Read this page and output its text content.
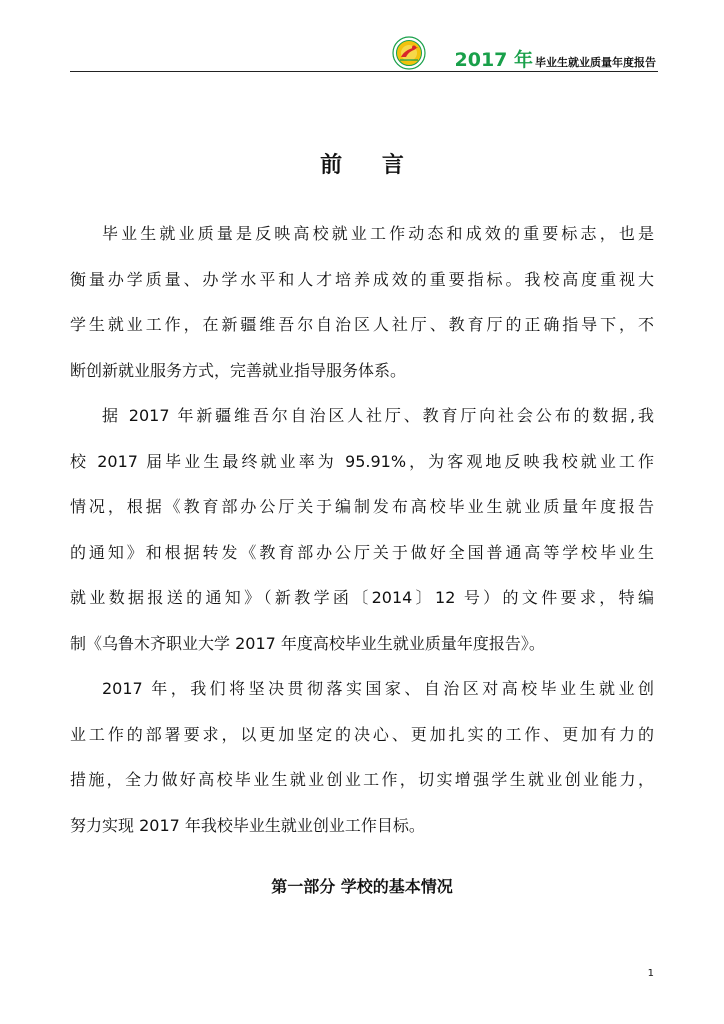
2017 年 毕业生就业质量年度报告
前 言
毕业生就业质量是反映高校就业工作动态和成效的重要标志，也是
衡量办学质量、办学水平和人才培养成效的重要指标。我校高度重视大
学生就业工作，在新疆维吾尔自治区人社厅、教育厅的正确指导下，不
断创新就业服务方式，完善就业指导服务体系。
据 2017 年新疆维吾尔自治区人社厅、教育厅向社会公布的数据,我
校 2017 届毕业生最终就业率为 95.91%，为客观地反映我校就业工作
情况，根据《教育部办公厅关于编制发布高校毕业生就业质量年度报告
的通知》和根据转发《教育部办公厅关于做好全国普通高等学校毕业生
就业数据报送的通知》（新教学函〔2014〕12 号）的文件要求，特编
制《乌鲁木齐职业大学 2017 年度高校毕业生就业质量年度报告》。
2017 年，我们将坚决贯彻落实国家、自治区对高校毕业生就业创
业工作的部署要求，以更加坚定的决心、更加扎实的工作、更加有力的
措施，全力做好高校毕业生就业创业工作，切实增强学生就业创业能力，
努力实现 2017 年我校毕业生就业创业工作目标。
第一部分 学校的基本情况
1
